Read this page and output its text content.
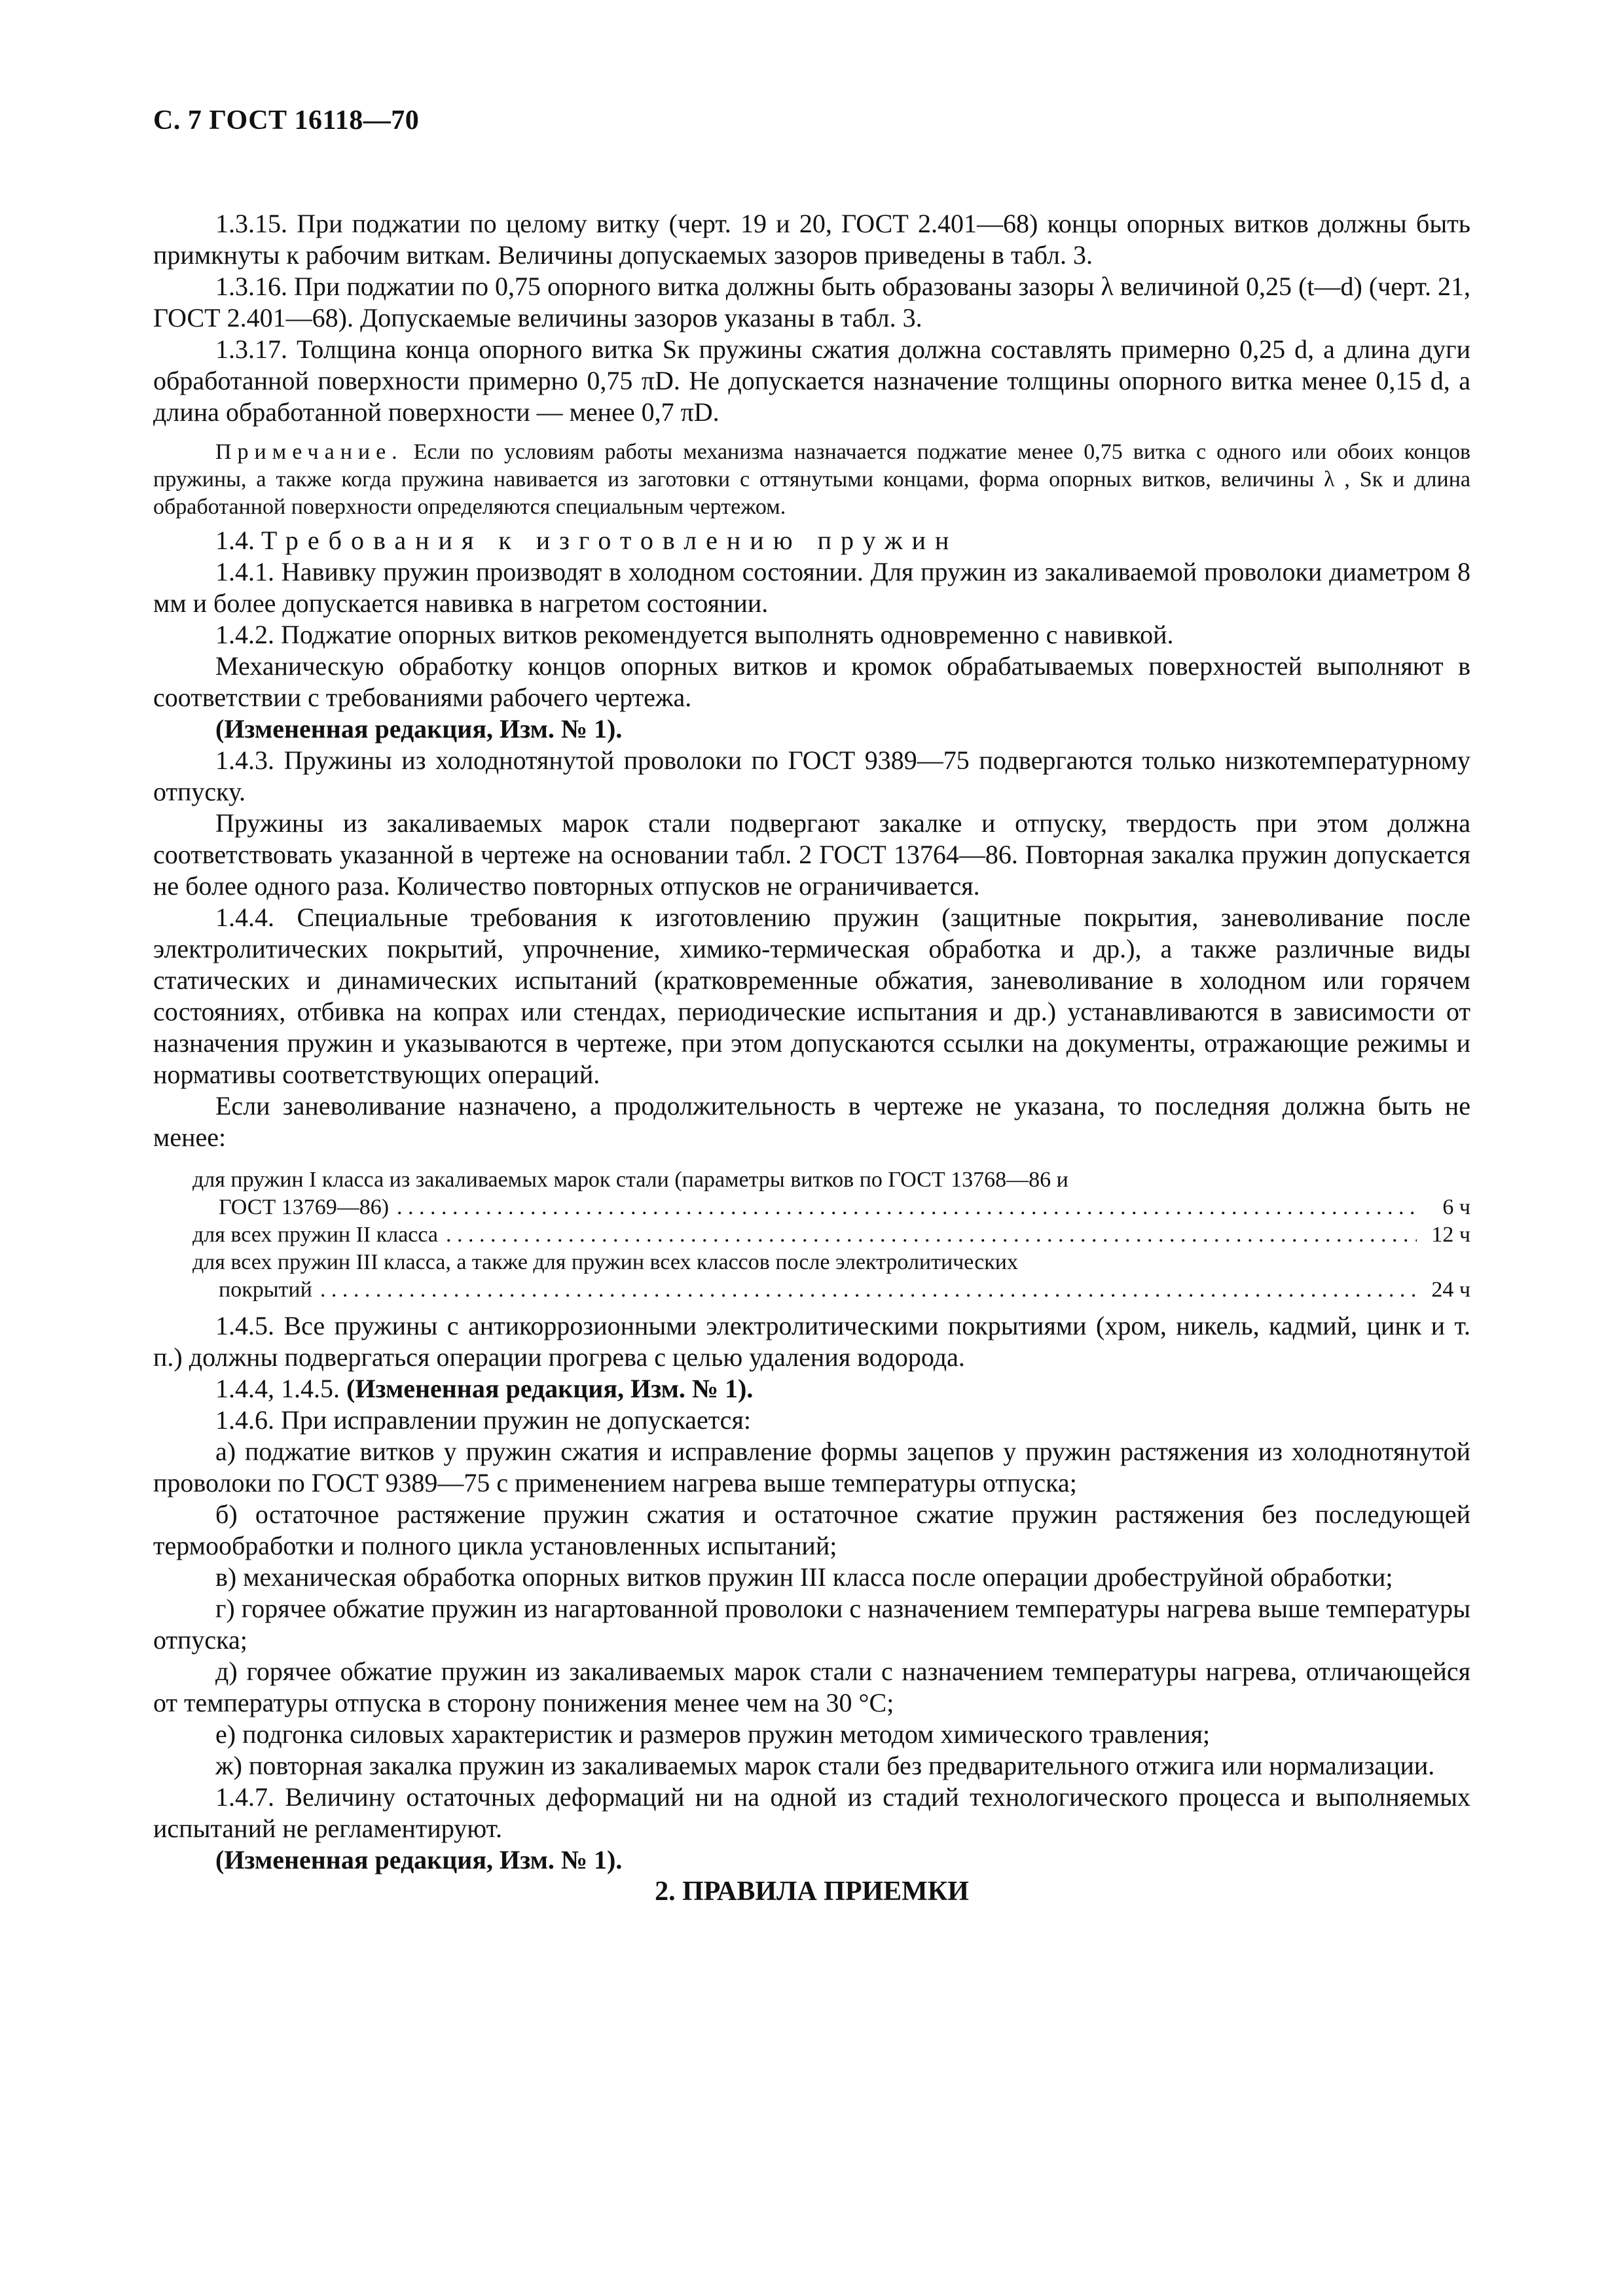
С. 7 ГОСТ 16118—70

1.3.15. При поджатии по целому витку (черт. 19 и 20, ГОСТ 2.401—68) концы опорных витков должны быть примкнуты к рабочим виткам. Величины допускаемых зазоров приведены в табл. 3.

1.3.16. При поджатии по 0,75 опорного витка должны быть образованы зазоры λ величиной 0,25 (t—d) (черт. 21, ГОСТ 2.401—68). Допускаемые величины зазоров указаны в табл. 3.

1.3.17. Толщина конца опорного витка Sк пружины сжатия должна составлять примерно 0,25 d, а длина дуги обработанной поверхности примерно 0,75 πD. Не допускается назначение толщины опорного витка менее 0,15 d, а длина обработанной поверхности — менее 0,7 πD.

Примечание. Если по условиям работы механизма назначается поджатие менее 0,75 витка с одного или обоих концов пружины, а также когда пружина навивается из заготовки с оттянутыми концами, форма опорных витков, величины λ , Sк и длина обработанной поверхности определяются специальным чертежом.

1.4. Требования к изготовлению пружин

1.4.1. Навивку пружин производят в холодном состоянии. Для пружин из закаливаемой проволоки диаметром 8 мм и более допускается навивка в нагретом состоянии.

1.4.2. Поджатие опорных витков рекомендуется выполнять одновременно с навивкой.

Механическую обработку концов опорных витков и кромок обрабатываемых поверхностей выполняют в соответствии с требованиями рабочего чертежа.

(Измененная редакция, Изм. № 1).

1.4.3. Пружины из холоднотянутой проволоки по ГОСТ 9389—75 подвергаются только низкотемпературному отпуску.

Пружины из закаливаемых марок стали подвергают закалке и отпуску, твердость при этом должна соответствовать указанной в чертеже на основании табл. 2 ГОСТ 13764—86. Повторная закалка пружин допускается не более одного раза. Количество повторных отпусков не ограничивается.

1.4.4. Специальные требования к изготовлению пружин (защитные покрытия, заневоливание после электролитических покрытий, упрочнение, химико-термическая обработка и др.), а также различные виды статических и динамических испытаний (кратковременные обжатия, заневоливание в холодном или горячем состояниях, отбивка на копрах или стендах, периодические испытания и др.) устанавливаются в зависимости от назначения пружин и указываются в чертеже, при этом допускаются ссылки на документы, отражающие режимы и нормативы соответствующих операций.

Если заневоливание назначено, а продолжительность в чертеже не указана, то последняя должна быть не менее:

для пружин I класса из закаливаемых марок стали (параметры витков по ГОСТ 13768—86 и
ГОСТ 13769—86) . . .	6 ч
для всех пружин II класса . . .	12 ч
для всех пружин III класса, а также для пружин всех классов после электролитических
покрытий . . .	24 ч

1.4.5. Все пружины с антикоррозионными электролитическими покрытиями (хром, никель, кадмий, цинк и т. п.) должны подвергаться операции прогрева с целью удаления водорода.

1.4.4, 1.4.5. (Измененная редакция, Изм. № 1).

1.4.6. При исправлении пружин не допускается:

а) поджатие витков у пружин сжатия и исправление формы зацепов у пружин растяжения из холоднотянутой проволоки по ГОСТ 9389—75 с применением нагрева выше температуры отпуска;

б) остаточное растяжение пружин сжатия и остаточное сжатие пружин растяжения без последующей термообработки и полного цикла установленных испытаний;

в) механическая обработка опорных витков пружин III класса после операции дробеструйной обработки;

г) горячее обжатие пружин из нагартованной проволоки с назначением температуры нагрева выше температуры отпуска;

д) горячее обжатие пружин из закаливаемых марок стали с назначением температуры нагрева, отличающейся от температуры отпуска в сторону понижения менее чем на 30 °С;

е) подгонка силовых характеристик и размеров пружин методом химического травления;

ж) повторная закалка пружин из закаливаемых марок стали без предварительного отжига или нормализации.

1.4.7. Величину остаточных деформаций ни на одной из стадий технологического процесса и выполняемых испытаний не регламентируют.

(Измененная редакция, Изм. № 1).

2. ПРАВИЛА ПРИЕМКИ
